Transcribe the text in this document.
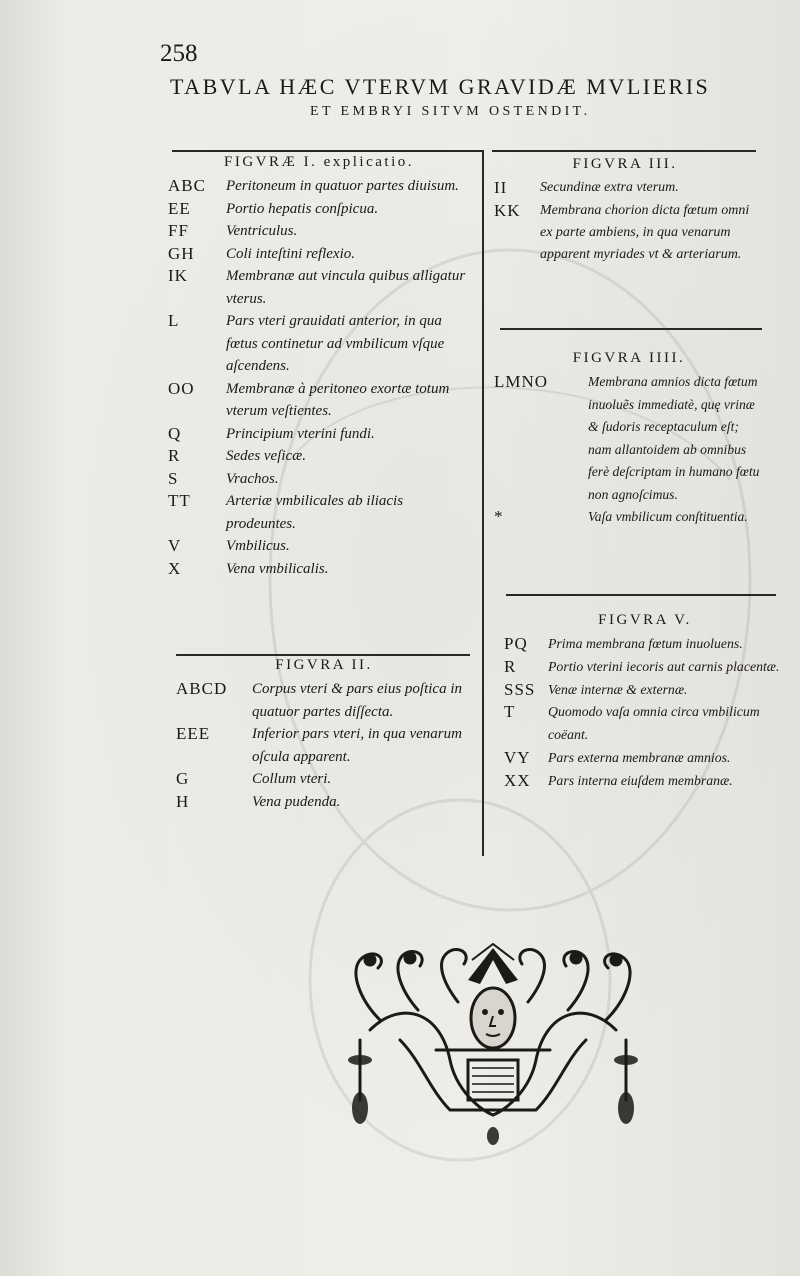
258
TABVLA HÆC VTERVM GRAVIDÆ MVLIERIS
ET EMBRYI SITVM OSTENDIT.
FIGVRÆ I. explicatio.
ABC	Peritoneum in quatuor partes diuisum.
EE	Portio hepatis conſpicua.
FF	Ventriculus.
GH	Coli inteſtini reflexio.
IK	Membranæ aut vincula quibus alligatur vterus.
L	Pars vteri grauidati anterior, in qua fœtus continetur ad vmbilicum vſque aſcendens.
OO	Membranæ à peritoneo exortæ totum vterum veſtientes.
Q	Principium vterini fundi.
R	Sedes veſicæ.
S	Vrachos.
TT	Arteriæ vmbilicales ab iliacis prodeuntes.
V	Vmbilicus.
X	Vena vmbilicalis.
FIGVRA II.
ABCD	Corpus vteri & pars eius poſtica in quatuor partes diſſecta.
EEE	Inferior pars vteri, in qua venarum oſcula apparent.
G	Collum vteri.
H	Vena pudenda.
FIGVRA III.
II	Secundinæ extra vterum.
KK	Membrana chorion dicta fœtum omni ex parte ambiens, in qua venarum apparent myriades vt & arteriarum.
FIGVRA IIII.
LMNO	Membrana amnios dicta fœtum inuoluẽs immediatè, quę vrinæ & ſudoris receptaculum eſt; nam allantoidem ab omnibus ferè deſcriptam in humano fœtu non agnoſcimus.
*	Vaſa vmbilicum conſtituentia.
FIGVRA V.
PQ	Prima membrana fœtum inuoluens.
R	Portio vterini iecoris aut carnis placentæ.
SSS Venæ internæ & externæ.
T	Quomodo vaſa omnia circa vmbilicum coëant.
VY	Pars externa membranæ amnios.
XX	Pars interna eiuſdem membranæ.
